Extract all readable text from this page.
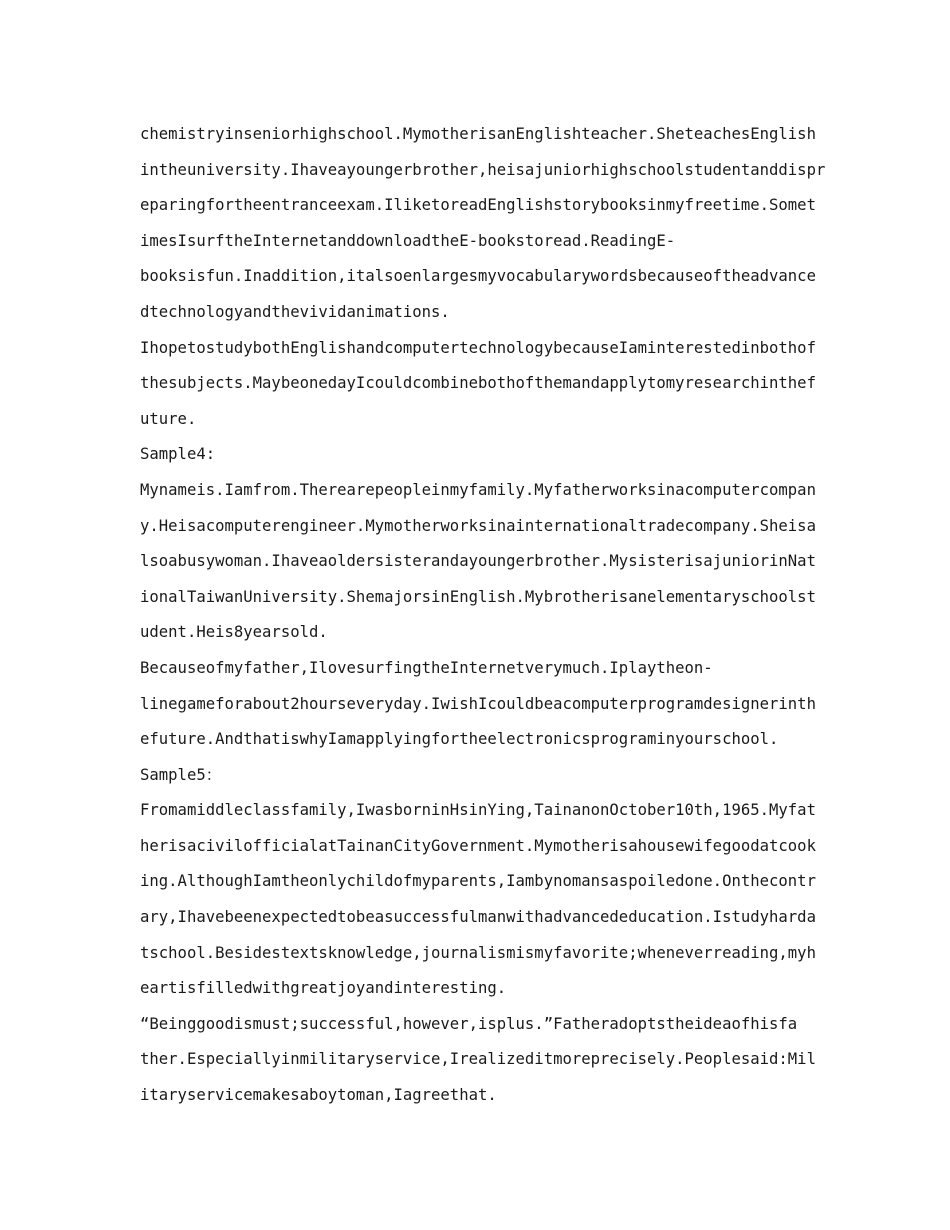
chemistryinseniorhighschool.MymotherisanEnglishteacher.SheteachesEnglish
intheuniversity.Ihaveayoungerbrother,heisajuniorhighschoolstudentanddispr
eparingfortheentranceexam.IliketoreadEnglishstorybooksinmyfreetime.Somet
imesIsurftheInternetanddownloadtheE-bookstoread.ReadingE-
booksisfun.Inaddition,italsoenlargesmyvocabularywordsbecauseoftheadvance
dtechnologyandthevividanimations.
IhopetostudybothEnglishandcomputertechnologybecauseIaminterestedinbothof
thesubjects.MaybeonedayIcouldcombinebothofthemandapplytomyresearchinthef
uture.
Sample4:
Mynameis.Iamfrom.Therearepeopleinmyfamily.Myfatherworksinacomputercompan
y.Heisacomputerengineer.Mymotherworksinainternationaltradecompany.Sheisa
lsoabusywoman.Ihaveaoldersisterandayoungerbrother.MysisterisajuniorinNat
ionalTaiwanUniversity.ShemajorsinEnglish.Mybrotherisanelementaryschoolst
udent.Heis8yearsold.
Becauseofmyfather,IlovesurfingtheInternetverymuch.Iplaytheon-
linegameforabout2hourseveryday.IwishIcouldbeacomputerprogramdesignerinth
efuture.AndthatiswhyIamapplyingfortheelectronicsprograminyourschool.
Sample5：
Fromamiddleclassfamily,IwasborninHsinYing,TainanonOctober10th,1965.Myfat
herisacivilofficialatTainanCityGovernment.Mymotherisahousewifegoodatcook
ing.AlthoughIamtheonlychildofmyparents,Iambynomansaspoiledone.Onthecontr
ary,Ihavebeenexpectedtobeasuccessfulmanwithadvancededucation.Istudyharda
tschool.Besidestextsknowledge,journalismismyfavorite;wheneverreading,myh
eartisfilledwithgreatjoyandinteresting.
“Beinggoodismust;successful,however,isplus.”Fatheradoptstheideaofhisfa
ther.Especiallyinmilitaryservice,Irealizeditmoreprecisely.Peoplesaid:Mil
itaryservicemakesaboytoman,Iagreethat.
